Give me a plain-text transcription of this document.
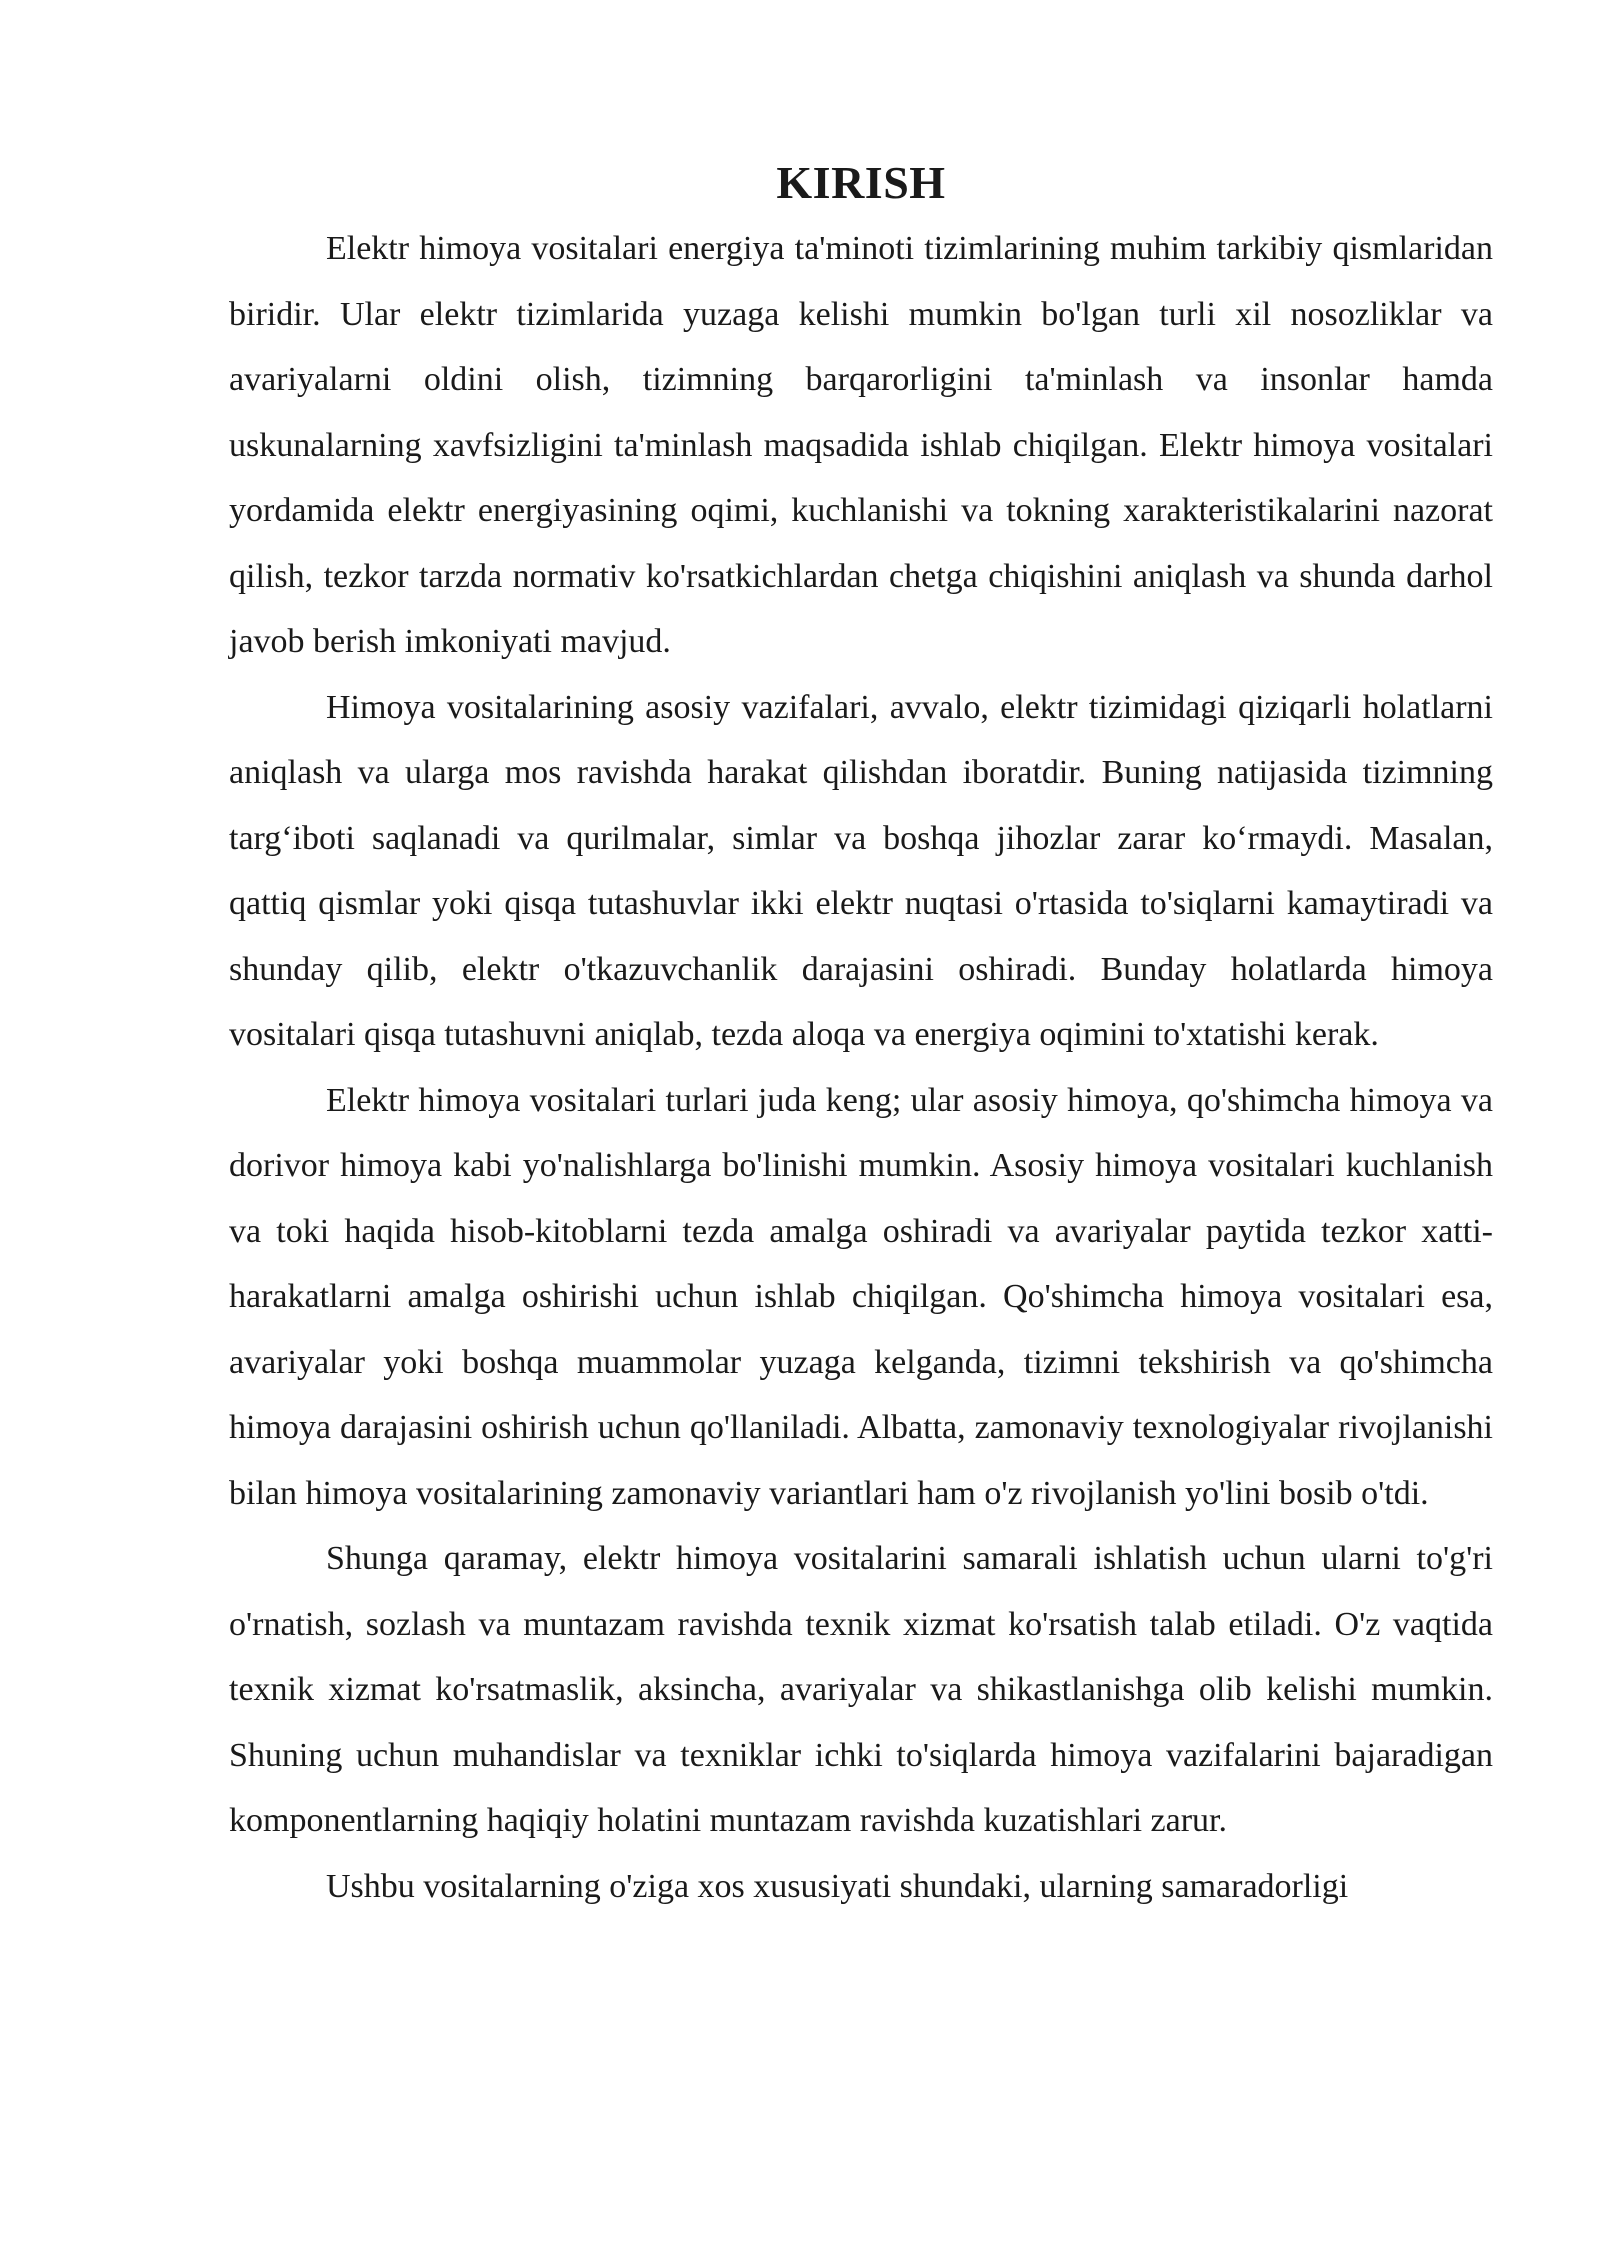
KIRISH

Elektr himoya vositalari energiya ta'minoti tizimlarining muhim tarkibiy qismlaridan biridir. Ular elektr tizimlarida yuzaga kelishi mumkin bo'lgan turli xil nosozliklar va avariyalarni oldini olish, tizimning barqarorligini ta'minlash va insonlar hamda uskunalarning xavfsizligini ta'minlash maqsadida ishlab chiqilgan. Elektr himoya vositalari yordamida elektr energiyasining oqimi, kuchlanishi va tokning xarakteristikalarini nazorat qilish, tezkor tarzda normativ ko'rsatkichlardan chetga chiqishini aniqlash va shunda darhol javob berish imkoniyati mavjud.

Himoya vositalarining asosiy vazifalari, avvalo, elektr tizimidagi qiziqarli holatlarni aniqlash va ularga mos ravishda harakat qilishdan iboratdir. Buning natijasida tizimning targ‘iboti saqlanadi va qurilmalar, simlar va boshqa jihozlar zarar ko‘rmaydi. Masalan, qattiq qismlar yoki qisqa tutashuvlar ikki elektr nuqtasi o'rtasida to'siqlarni kamaytiradi va shunday qilib, elektr o'tkazuvchanlik darajasini oshiradi. Bunday holatlarda himoya vositalari qisqa tutashuvni aniqlab, tezda aloqa va energiya oqimini to'xtatishi kerak.

Elektr himoya vositalari turlari juda keng; ular asosiy himoya, qo'shimcha himoya va dorivor himoya kabi yo'nalishlarga bo'linishi mumkin. Asosiy himoya vositalari kuchlanish va toki haqida hisob-kitoblarni tezda amalga oshiradi va avariyalar paytida tezkor xatti-harakatlarni amalga oshirishi uchun ishlab chiqilgan. Qo'shimcha himoya vositalari esa, avariyalar yoki boshqa muammolar yuzaga kelganda, tizimni tekshirish va qo'shimcha himoya darajasini oshirish uchun qo'llaniladi. Albatta, zamonaviy texnologiyalar rivojlanishi bilan himoya vositalarining zamonaviy variantlari ham o'z rivojlanish yo'lini bosib o'tdi.

Shunga qaramay, elektr himoya vositalarini samarali ishlatish uchun ularni to'g'ri o'rnatish, sozlash va muntazam ravishda texnik xizmat ko'rsatish talab etiladi. O'z vaqtida texnik xizmat ko'rsatmaslik, aksincha, avariyalar va shikastlanishga olib kelishi mumkin. Shuning uchun muhandislar va texniklar ichki to'siqlarda himoya vazifalarini bajaradigan komponentlarning haqiqiy holatini muntazam ravishda kuzatishlari zarur.

Ushbu vositalarning o'ziga xos xususiyati shundaki, ularning samaradorligi
